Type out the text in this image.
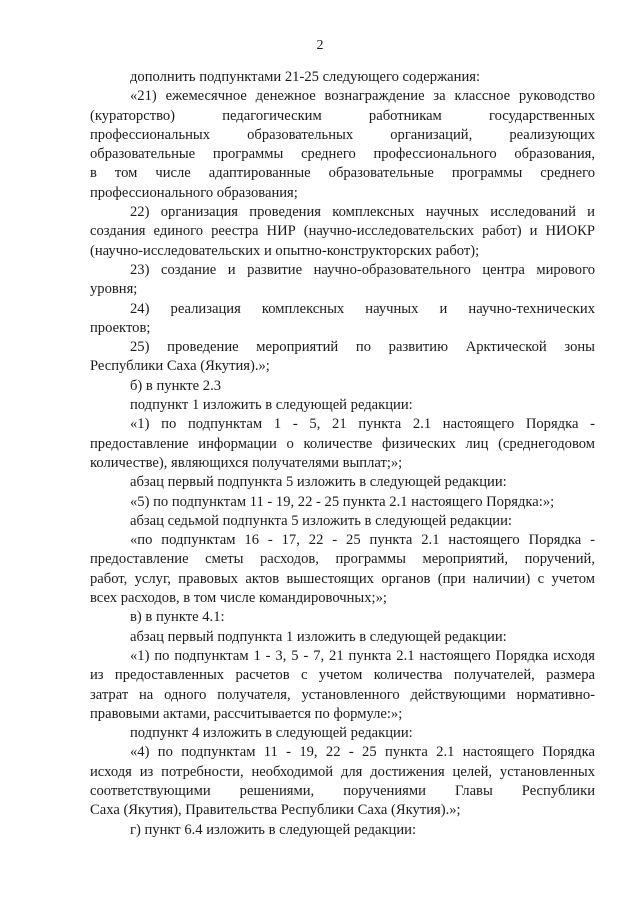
2
дополнить подпунктами 21-25 следующего содержания:
«21) ежемесячное денежное вознаграждение за классное руководство
(кураторство) педагогическим работникам государственных
профессиональных образовательных организаций, реализующих
образовательные программы среднего профессионального образования,
в том числе адаптированные образовательные программы среднего
профессионального образования;
22) организация проведения комплексных научных исследований и
создания единого реестра НИР (научно-исследовательских работ) и НИОКР
(научно-исследовательских и опытно-конструкторских работ);
23) создание и развитие научно-образовательного центра мирового
уровня;
24) реализация комплексных научных и научно-технических
проектов;
25) проведение мероприятий по развитию Арктической зоны
Республики Саха (Якутия).»;
б) в пункте 2.3
подпункт 1 изложить в следующей редакции:
«1) по подпунктам 1 - 5, 21 пункта 2.1 настоящего Порядка -
предоставление информации о количестве физических лиц (среднегодовом
количестве), являющихся получателями выплат;»;
абзац первый подпункта 5 изложить в следующей редакции:
«5) по подпунктам 11 - 19, 22 - 25 пункта 2.1 настоящего Порядка:»;
абзац седьмой подпункта 5 изложить в следующей редакции:
«по подпунктам 16 - 17, 22 - 25 пункта 2.1 настоящего Порядка -
предоставление сметы расходов, программы мероприятий, поручений,
работ, услуг, правовых актов вышестоящих органов (при наличии) с учетом
всех расходов, в том числе командировочных;»;
в) в пункте 4.1:
абзац первый подпункта 1 изложить в следующей редакции:
«1) по подпунктам 1 - 3, 5 - 7, 21 пункта 2.1 настоящего Порядка исходя
из предоставленных расчетов с учетом количества получателей, размера
затрат на одного получателя, установленного действующими нормативно-
правовыми актами, рассчитывается по формуле:»;
подпункт 4 изложить в следующей редакции:
«4) по подпунктам 11 - 19, 22 - 25 пункта 2.1 настоящего Порядка
исходя из потребности, необходимой для достижения целей, установленных
соответствующими решениями, поручениями Главы Республики
Саха (Якутия), Правительства Республики Саха (Якутия).»;
г) пункт 6.4 изложить в следующей редакции:
